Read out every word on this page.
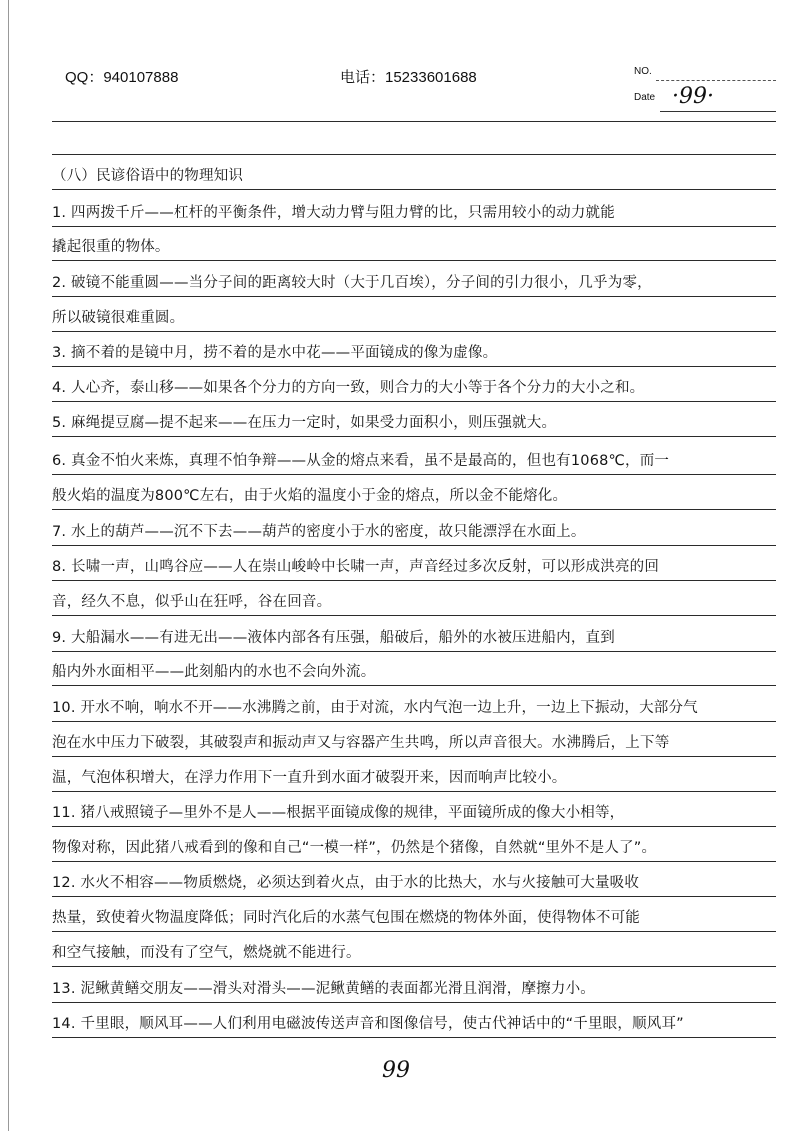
QQ：940107888	电话：15233601688	NO.
Date ·99·
（八）民谚俗语中的物理知识
1. 四两拨千斤——杠杆的平衡条件，增大动力臂与阻力臂的比，只需用较小的动力就能
撬起很重的物体。
2. 破镜不能重圆——当分子间的距离较大时（大于几百埃），分子间的引力很小，几乎为零，
所以破镜很难重圆。
3. 摘不着的是镜中月，捞不着的是水中花——平面镜成的像为虚像。
4. 人心齐，泰山移——如果各个分力的方向一致，则合力的大小等于各个分力的大小之和。
5. 麻绳提豆腐—提不起来——在压力一定时，如果受力面积小，则压强就大。
6. 真金不怕火来炼，真理不怕争辩——从金的熔点来看，虽不是最高的，但也有1068℃，而一
般火焰的温度为800℃左右，由于火焰的温度小于金的熔点，所以金不能熔化。
7. 水上的葫芦——沉不下去——葫芦的密度小于水的密度，故只能漂浮在水面上。
8. 长啸一声，山鸣谷应——人在崇山峻岭中长啸一声，声音经过多次反射，可以形成洪亮的回
音，经久不息，似乎山在狂呼，谷在回音。
9. 大船漏水——有进无出——液体内部各有压强，船破后，船外的水被压进船内，直到
船内外水面相平——此刻船内的水也不会向外流。
10. 开水不响，响水不开——水沸腾之前，由于对流，水内气泡一边上升，一边上下振动，大部分气
泡在水中压力下破裂，其破裂声和振动声又与容器产生共鸣，所以声音很大。水沸腾后，上下等
温，气泡体积增大，在浮力作用下一直升到水面才破裂开来，因而响声比较小。
11. 猪八戒照镜子—里外不是人——根据平面镜成像的规律，平面镜所成的像大小相等，
物像对称，因此猪八戒看到的像和自己“一模一样”，仍然是个猪像，自然就“里外不是人了”。
12. 水火不相容——物质燃烧，必须达到着火点，由于水的比热大，水与火接触可大量吸收
热量，致使着火物温度降低；同时汽化后的水蒸气包围在燃烧的物体外面，使得物体不可能
和空气接触，而没有了空气，燃烧就不能进行。
13. 泥鳅黄鳝交朋友——滑头对滑头——泥鳅黄鳝的表面都光滑且润滑，摩擦力小。
14. 千里眼，顺风耳——人们利用电磁波传送声音和图像信号，使古代神话中的“千里眼，顺风耳”
99
